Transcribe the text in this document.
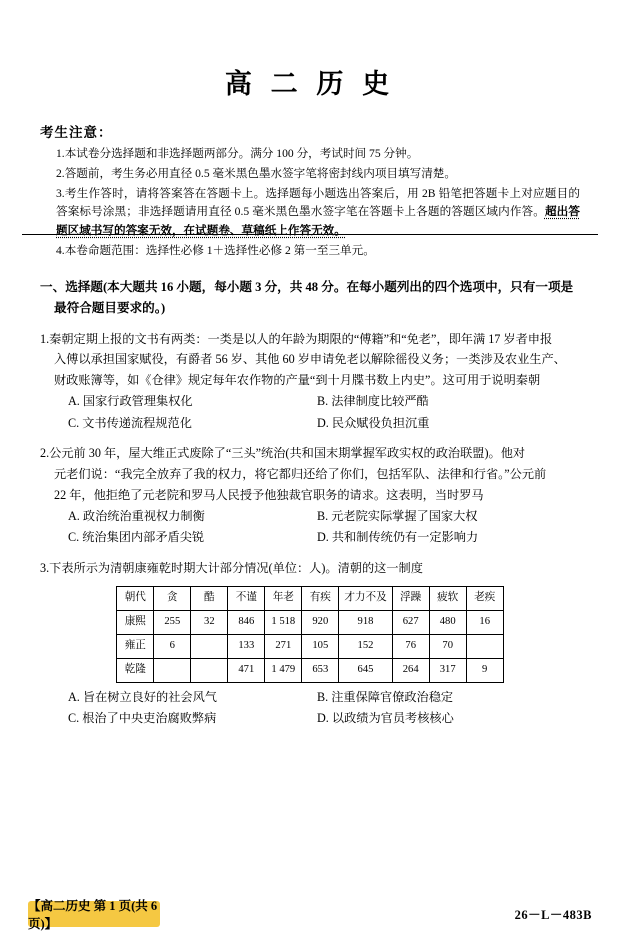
高 二 历 史
考生注意：
1.本试卷分选择题和非选择题两部分。满分 100 分，考试时间 75 分钟。
2.答题前，考生务必用直径 0.5 毫米黑色墨水签字笔将密封线内项目填写清楚。
3.考生作答时，请将答案答在答题卡上。选择题每小题选出答案后，用 2B 铅笔把答题卡上对应题目的答案标号涂黑；非选择题请用直径 0.5 毫米黑色墨水签字笔在答题卡上各题的答题区域内作答。超出答题区域书写的答案无效，在试题卷、草稿纸上作答无效。
4.本卷命题范围：选择性必修 1＋选择性必修 2 第一至三单元。
一、选择题(本大题共 16 小题，每小题 3 分，共 48 分。在每小题列出的四个选项中，只有一项是
最符合题目要求的。)
1.秦朝定期上报的文书有两类：一类是以人的年龄为期限的“傅籍”和“免老”，即年满 17 岁者申报
入傅以承担国家赋役，有爵者 56 岁、其他 60 岁申请免老以解除徭役义务；一类涉及农业生产、
财政账簿等，如《仓律》规定每年农作物的产量“到十月牒书数上内史”。这可用于说明秦朝
A. 国家行政管理集权化	B. 法律制度比较严酷
C. 文书传递流程规范化	D. 民众赋役负担沉重
2.公元前 30 年，屋大维正式废除了“三头”统治(共和国末期掌握军政实权的政治联盟)。他对
元老们说：“我完全放弃了我的权力，将它都归还给了你们，包括军队、法律和行省。”公元前
22 年，他拒绝了元老院和罗马人民授予他独裁官职务的请求。这表明，当时罗马
A. 政治统治重视权力制衡	B. 元老院实际掌握了国家大权
C. 统治集团内部矛盾尖锐	D. 共和制传统仍有一定影响力
3.下表所示为清朝康雍乾时期大计部分情况(单位：人)。清朝的这一制度
朝代	贪	酷	不谨	年老	有疾	才力不及	浮躁	疲软	老疾
康熙	255	32	846	1 518	920	918	627	480	16
雍正	6		133	271	105	152	76	70	
乾隆			471	1 479	653	645	264	317	9
A. 旨在树立良好的社会风气	B. 注重保障官僚政治稳定
C. 根治了中央吏治腐败弊病	D. 以政绩为官员考核核心
【高二历史 第 1 页(共 6 页)】
26－L－483B
